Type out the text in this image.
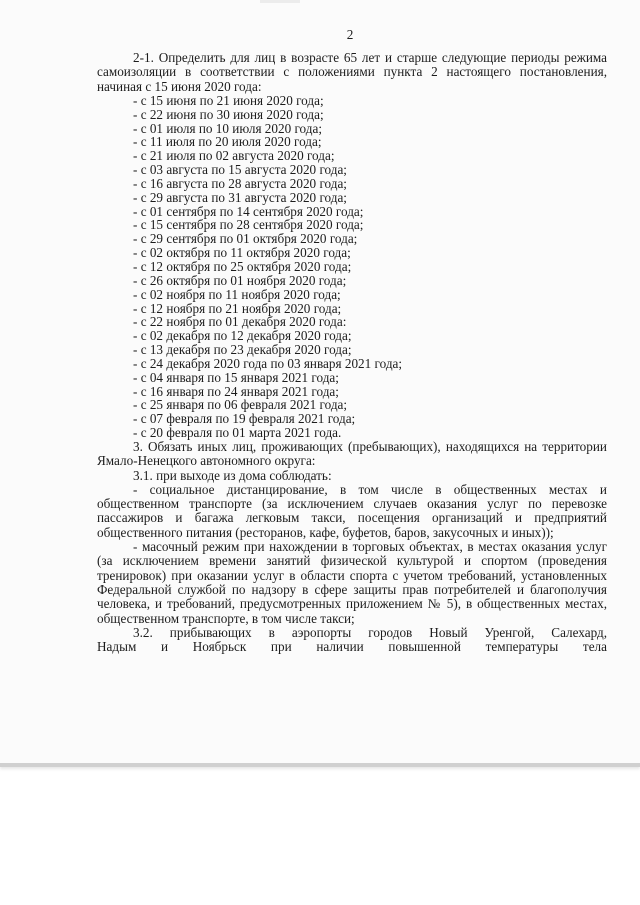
2

2-1. Определить для лиц в возрасте 65 лет и старше следующие периоды режима самоизоляции в соответствии с положениями пункта 2 настоящего постановления, начиная с 15 июня 2020 года:

- с 15 июня по 21 июня 2020 года;

- с 22 июня по 30 июня 2020 года;

- с 01 июля по 10 июля 2020 года;

- с 11 июля по 20 июля 2020 года;

- с 21 июля по 02 августа 2020 года;

- с 03 августа по 15 августа 2020 года;

- с 16 августа по 28 августа 2020 года;

- с 29 августа по 31 августа 2020 года;

- с 01 сентября по 14 сентября 2020 года;

- с 15 сентября по 28 сентября 2020 года;

- с 29 сентября по 01 октября 2020 года;

- с 02 октября по 11 октября 2020 года;

- с 12 октября по 25 октября 2020 года;

- с 26 октября по 01 ноября 2020 года;

- с 02 ноября по 11 ноября 2020 года;

- с 12 ноября по 21 ноября 2020 года;

- с 22 ноября по 01 декабря 2020 года:

- с 02 декабря по 12 декабря 2020 года;

- с 13 декабря по 23 декабря 2020 года;

- с 24 декабря 2020 года по 03 января 2021 года;

- с 04 января по 15 января 2021 года;

- с 16 января по 24 января 2021 года;

- с 25 января по 06 февраля 2021 года;

- с 07 февраля по 19 февраля 2021 года;

- с 20 февраля по 01 марта 2021 года.

3. Обязать иных лиц, проживающих (пребывающих), находящихся на территории Ямало-Ненецкого автономного округа:

3.1. при выходе из дома соблюдать:

- социальное дистанцирование, в том числе в общественных местах и общественном транспорте (за исключением случаев оказания услуг по перевозке пассажиров и багажа легковым такси, посещения организаций и предприятий общественного питания (ресторанов, кафе, буфетов, баров, закусочных и иных));

- масочный режим при нахождении в торговых объектах, в местах оказания услуг (за исключением времени занятий физической культурой и спортом (проведения тренировок) при оказании услуг в области спорта с учетом требований, установленных Федеральной службой по надзору в сфере защиты прав потребителей и благополучия человека, и требований, предусмотренных приложением № 5), в общественных местах, общественном транспорте, в том числе такси;

3.2. прибывающих в аэропорты городов Новый Уренгой, Салехард,

Надым и Ноябрьск при наличии повышенной температуры тела
